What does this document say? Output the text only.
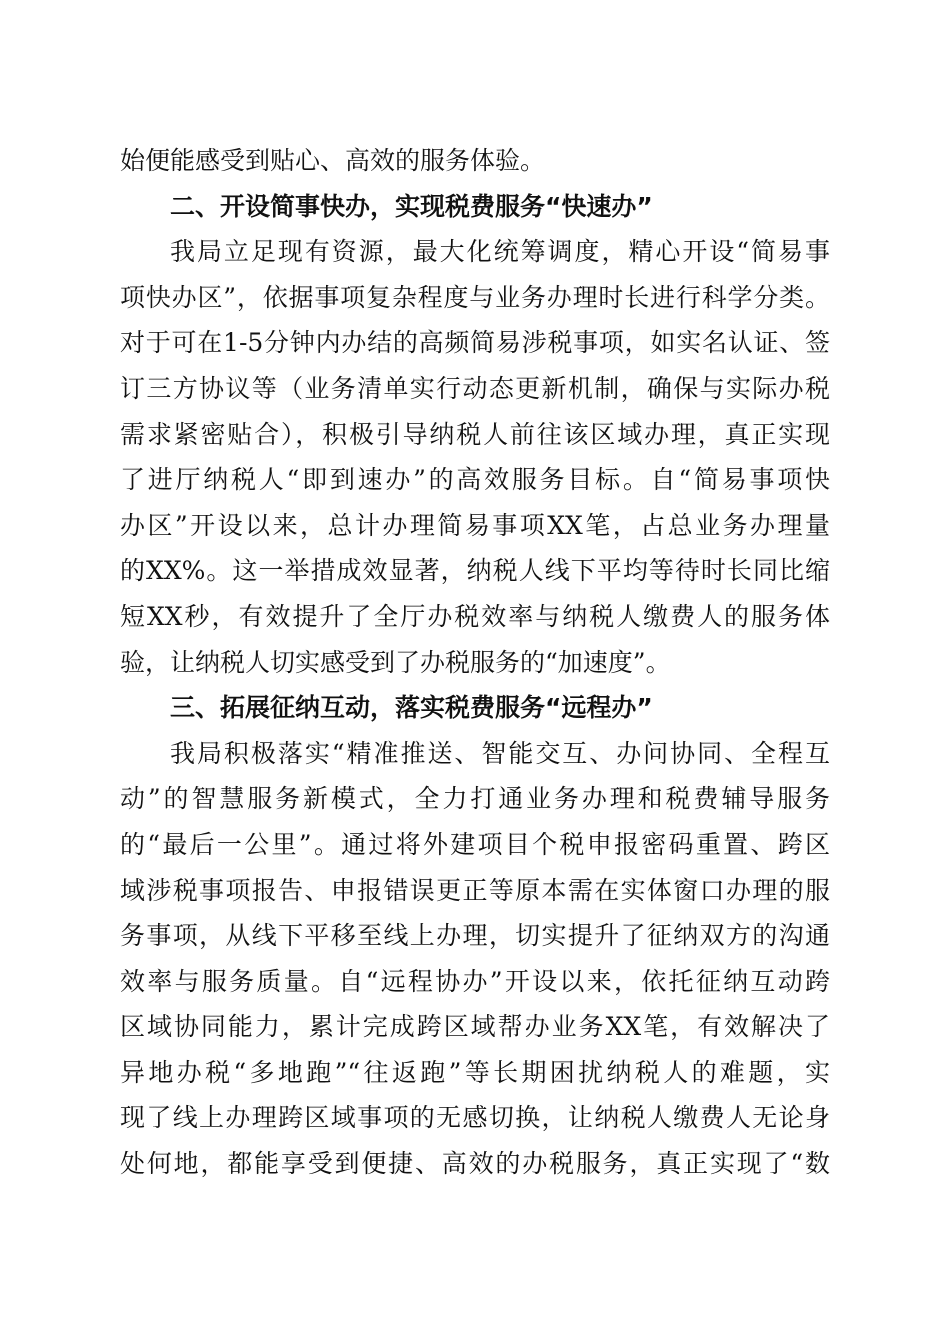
始便能感受到贴心、高效的服务体验。
二、开设简事快办，实现税费服务“快速办”
我局立足现有资源，最大化统筹调度，精心开设“简易事
项快办区”，依据事项复杂程度与业务办理时长进行科学分类。
对于可在1-5分钟内办结的高频简易涉税事项，如实名认证、签
订三方协议等（业务清单实行动态更新机制，确保与实际办税
需求紧密贴合），积极引导纳税人前往该区域办理，真正实现
了进厅纳税人“即到速办”的高效服务目标。自“简易事项快
办区”开设以来，总计办理简易事项XX笔，占总业务办理量
的XX%。这一举措成效显著，纳税人线下平均等待时长同比缩
短XX秒，有效提升了全厅办税效率与纳税人缴费人的服务体
验，让纳税人切实感受到了办税服务的“加速度”。
三、拓展征纳互动，落实税费服务“远程办”
我局积极落实“精准推送、智能交互、办问协同、全程互
动”的智慧服务新模式，全力打通业务办理和税费辅导服务
的“最后一公里”。通过将外建项目个税申报密码重置、跨区
域涉税事项报告、申报错误更正等原本需在实体窗口办理的服
务事项，从线下平移至线上办理，切实提升了征纳双方的沟通
效率与服务质量。自“远程协办”开设以来，依托征纳互动跨
区域协同能力，累计完成跨区域帮办业务XX笔，有效解决了
异地办税“多地跑”“往返跑”等长期困扰纳税人的难题，实
现了线上办理跨区域事项的无感切换，让纳税人缴费人无论身
处何地，都能享受到便捷、高效的办税服务，真正实现了“数
